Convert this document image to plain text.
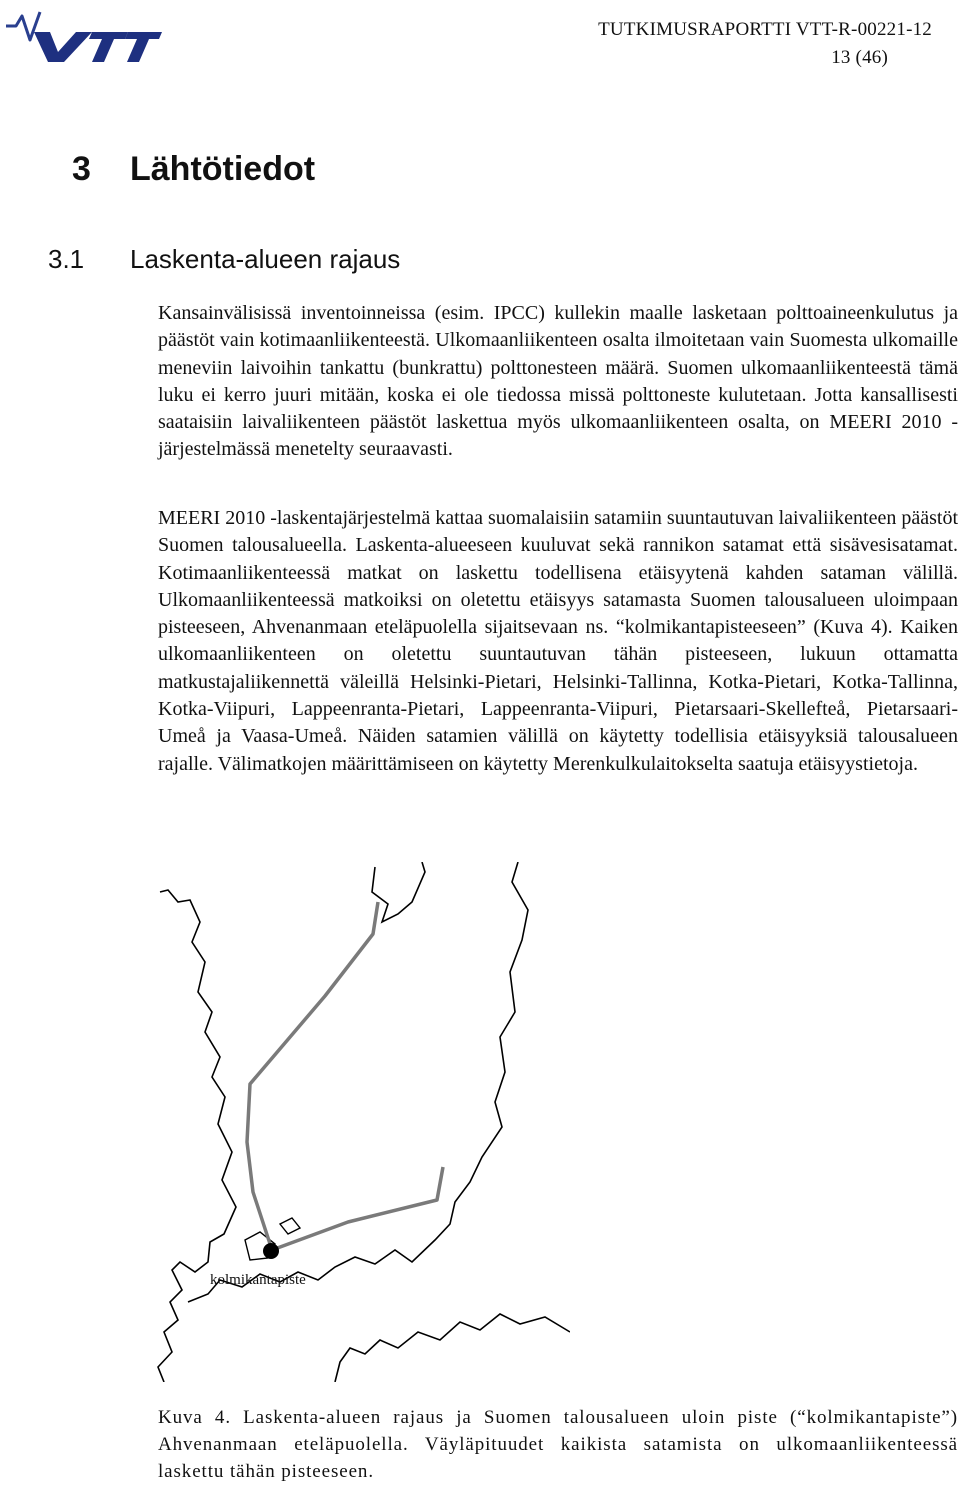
TUTKIMUSRAPORTTI VTT-R-00221-12

13 (46)
3 Lähtötiedot
3.1 Laskenta-alueen rajaus

Kansainvälisissä inventoinneissa (esim. IPCC) kullekin maalle lasketaan polttoaineenkulutus ja päästöt vain kotimaanliikenteestä. Ulkomaanliikenteen osalta ilmoitetaan vain Suomesta ulkomaille meneviin laivoihin tankattu (bunkrattu) polttonesteen määrä. Suomen ulkomaanliikenteestä tämä luku ei kerro juuri mitään, koska ei ole tiedossa missä polttoneste kulutetaan. Jotta kansallisesti saataisiin laivaliikenteen päästöt laskettua myös ulkomaanliikenteen osalta, on MEERI 2010 -järjestelmässä menetelty seuraavasti.

MEERI 2010 -laskentajärjestelmä kattaa suomalaisiin satamiin suuntautuvan laivaliikenteen päästöt Suomen talousalueella. Laskenta-alueeseen kuuluvat sekä rannikon satamat että sisävesisatamat. Kotimaanliikenteessä matkat on laskettu todellisena etäisyytenä kahden sataman välillä. Ulkomaanliikenteessä matkoiksi on oletettu etäisyys satamasta Suomen talousalueen uloimpaan pisteeseen, Ahvenanmaan eteläpuolella sijaitsevaan ns. “kolmikantapisteeseen” (Kuva 4). Kaiken ulkomaanliikenteen on oletettu suuntautuvan tähän pisteeseen, lukuun ottamatta matkustajaliikennettä väleillä Helsinki-Pietari, Helsinki-Tallinna, Kotka-Pietari, Kotka-Tallinna, Kotka-Viipuri, Lappeenranta-Pietari, Lappeenranta-Viipuri, Pietarsaari-Skellefteå, Pietarsaari-Umeå ja Vaasa-Umeå. Näiden satamien välillä on käytetty todellisia etäisyyksiä talousalueen rajalle. Välimatkojen määrittämiseen on käytetty Merenkulkulaitokselta saatuja etäisyystietoja.

kolmikantapiste
Kuva 4. Laskenta-alueen rajaus ja Suomen talousalueen uloin piste (“kolmikantapiste”) Ahvenanmaan eteläpuolella. Väyläpituudet kaikista satamista on ulkomaanliikenteessä laskettu tähän pisteeseen.
